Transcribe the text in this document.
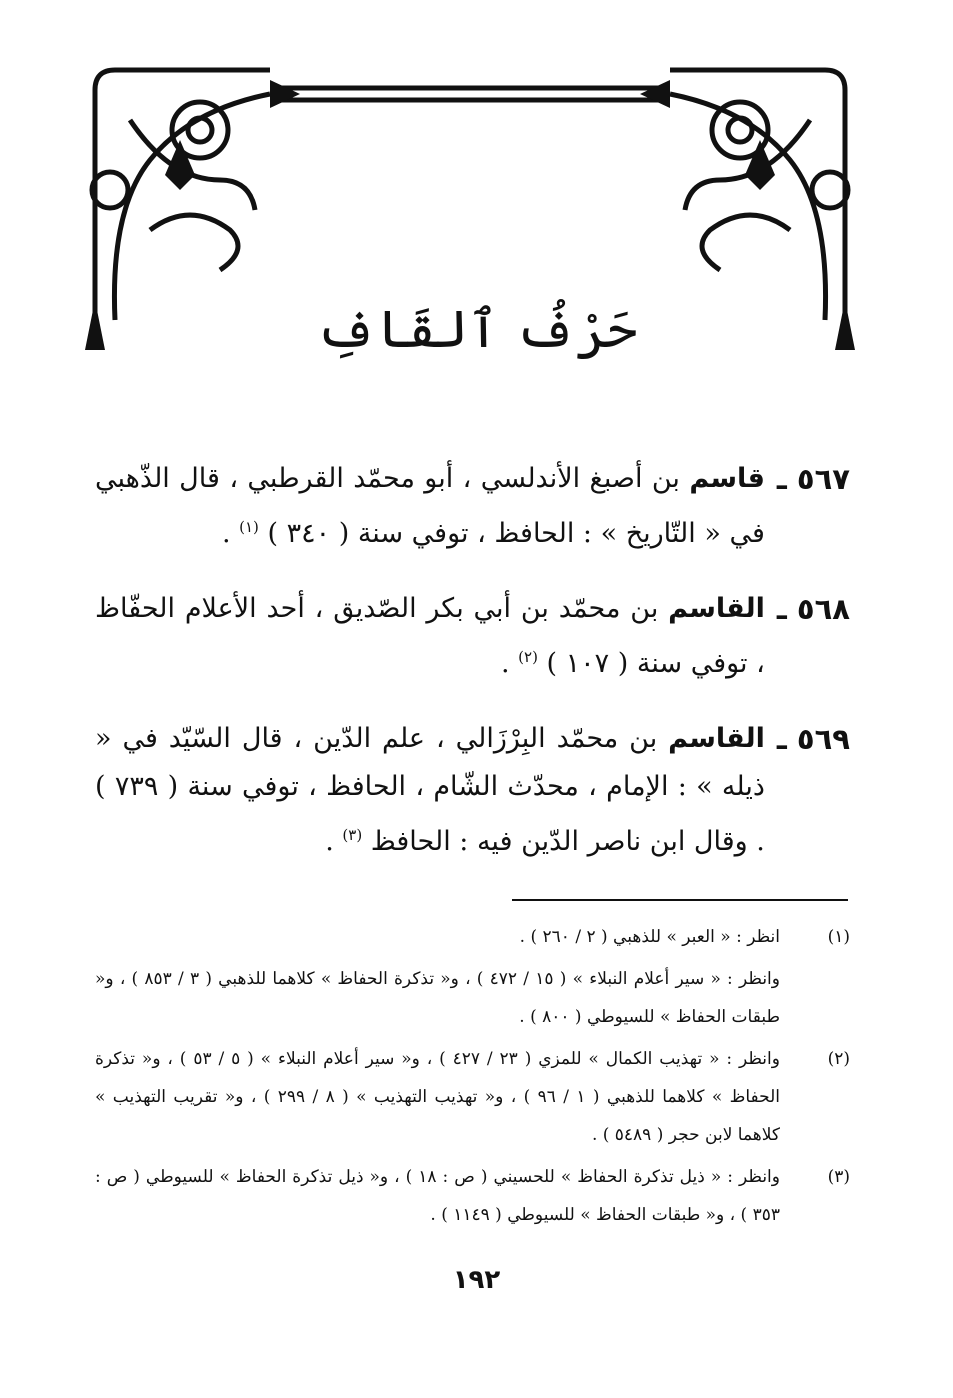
حَرْفُ ٱلقَافِ
٥٦٧ ـ
قاسم بن أصبغ الأندلسي ، أبو محمّد القرطبي ، قال الذّهبي في « التّاريخ » : الحافظ ، توفي سنة ( ٣٤٠ ) $^{(١)}$ .
٥٦٨ ـ
القاسم بن محمّد بن أبي بكر الصّديق ، أحد الأعلام الحفّاظ ، توفي سنة ( ١٠٧ ) $^{(٢)}$ .
٥٦٩ ـ
القاسم بن محمّد البِرْزَالي ، علم الدّين ، قال السّيّد في « ذيله » : الإمام ، محدّث الشّام ، الحافظ ، توفي سنة ( ٧٣٩ ) . وقال ابن ناصر الدّين فيه : الحافظ $^{(٣)}$ .
(١)
انظر : « العبر » للذهبي ( ٢ / ٢٦٠ ) .
وانظر : « سير أعلام النبلاء » ( ١٥ / ٤٧٢ ) ، و« تذكرة الحفاظ » كلاهما للذهبي ( ٣ / ٨٥٣ ) ، و« طبقات الحفاظ » للسيوطي ( ٨٠٠ ) .
(٢)
وانظر : « تهذيب الكمال » للمزي ( ٢٣ / ٤٢٧ ) ، و« سير أعلام النبلاء » ( ٥ / ٥٣ ) ، و« تذكرة الحفاظ » كلاهما للذهبي ( ١ / ٩٦ ) ، و« تهذيب التهذيب » ( ٨ / ٢٩٩ ) ، و« تقريب التهذيب » كلاهما لابن حجر ( ٥٤٨٩ ) .
(٣)
وانظر : « ذيل تذكرة الحفاظ » للحسيني ( ص : ١٨ ) ، و« ذيل تذكرة الحفاظ » للسيوطي ( ص : ٣٥٣ ) ، و« طبقات الحفاظ » للسيوطي ( ١١٤٩ ) .
١٩٢
